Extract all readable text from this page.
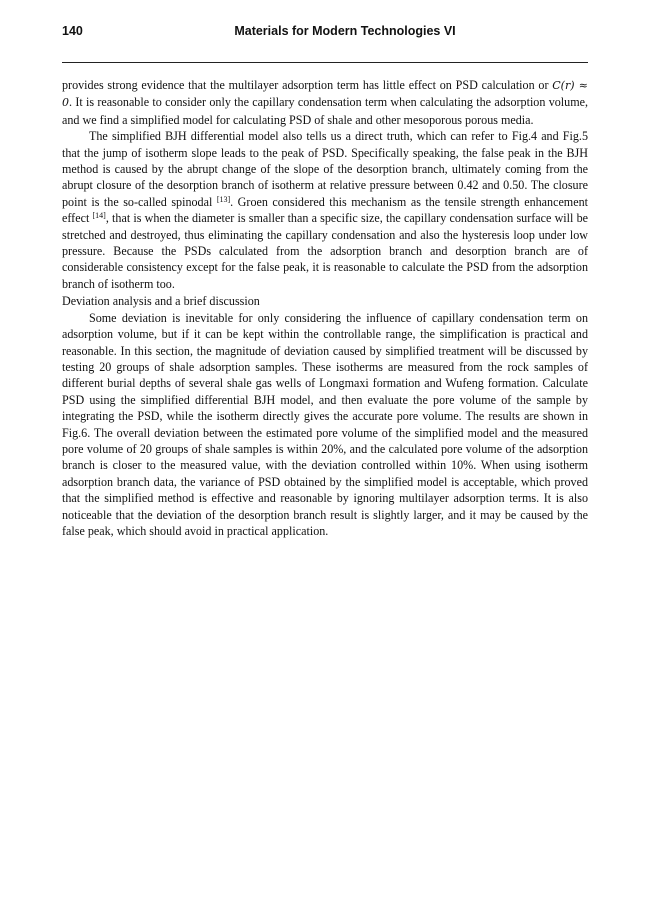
140	Materials for Modern Technologies VI

provides strong evidence that the multilayer adsorption term has little effect on PSD calculation or C(r) ≈ 0. It is reasonable to consider only the capillary condensation term when calculating the adsorption volume, and we find a simplified model for calculating PSD of shale and other mesoporous porous media.

The simplified BJH differential model also tells us a direct truth, which can refer to Fig.4 and Fig.5 that the jump of isotherm slope leads to the peak of PSD. Specifically speaking, the false peak in the BJH method is caused by the abrupt change of the slope of the desorption branch, ultimately coming from the abrupt closure of the desorption branch of isotherm at relative pressure between 0.42 and 0.50. The closure point is the so-called spinodal [13]. Groen considered this mechanism as the tensile strength enhancement effect [14], that is when the diameter is smaller than a specific size, the capillary condensation surface will be stretched and destroyed, thus eliminating the capillary condensation and also the hysteresis loop under low pressure. Because the PSDs calculated from the adsorption branch and desorption branch are of considerable consistency except for the false peak, it is reasonable to calculate the PSD from the adsorption branch of isotherm too.

Deviation analysis and a brief discussion

Some deviation is inevitable for only considering the influence of capillary condensation term on adsorption volume, but if it can be kept within the controllable range, the simplification is practical and reasonable. In this section, the magnitude of deviation caused by simplified treatment will be discussed by testing 20 groups of shale adsorption samples. These isotherms are measured from the rock samples of different burial depths of several shale gas wells of Longmaxi formation and Wufeng formation. Calculate PSD using the simplified differential BJH model, and then evaluate the pore volume of the sample by integrating the PSD, while the isotherm directly gives the accurate pore volume. The results are shown in Fig.6. The overall deviation between the estimated pore volume of the simplified model and the measured pore volume of 20 groups of shale samples is within 20%, and the calculated pore volume of the adsorption branch is closer to the measured value, with the deviation controlled within 10%. When using isotherm adsorption branch data, the variance of PSD obtained by the simplified model is acceptable, which proved that the simplified method is effective and reasonable by ignoring multilayer adsorption terms. It is also noticeable that the deviation of the desorption branch result is slightly larger, and it may be caused by the false peak, which should avoid in practical application.
